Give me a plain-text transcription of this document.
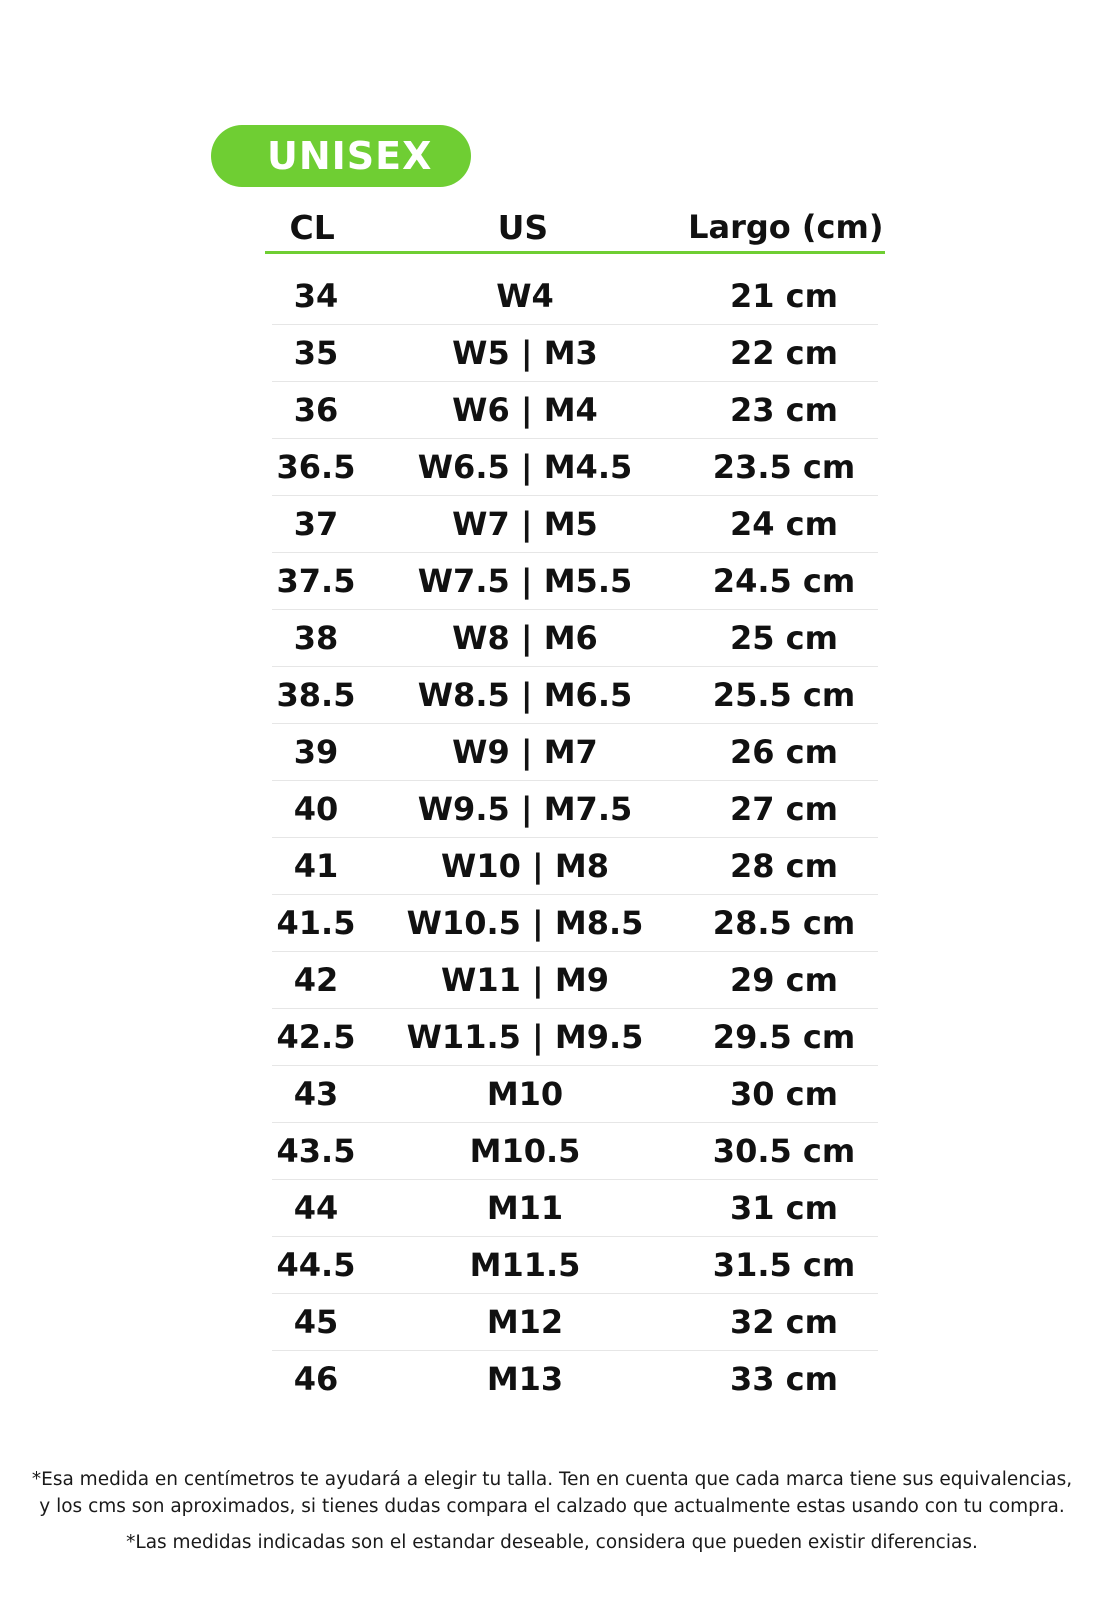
UNISEX
CL	US	Largo (cm)
34	W4	21 cm
35	W5 | M3	22 cm
36	W6 | M4	23 cm
36.5	W6.5 | M4.5	23.5 cm
37	W7 | M5	24 cm
37.5	W7.5 | M5.5	24.5 cm
38	W8 | M6	25 cm
38.5	W8.5 | M6.5	25.5 cm
39	W9 | M7	26 cm
40	W9.5 | M7.5	27 cm
41	W10 | M8	28 cm
41.5	W10.5 | M8.5	28.5 cm
42	W11 | M9	29 cm
42.5	W11.5 | M9.5	29.5 cm
43	M10	30 cm
43.5	M10.5	30.5 cm
44	M11	31 cm
44.5	M11.5	31.5 cm
45	M12	32 cm
46	M13	33 cm
*Esa medida en centímetros te ayudará a elegir tu talla. Ten en cuenta que cada marca tiene sus equivalencias, y los cms son aproximados, si tienes dudas compara el calzado que actualmente estas usando con tu compra.
*Las medidas indicadas son el estandar deseable, considera que pueden existir diferencias.
